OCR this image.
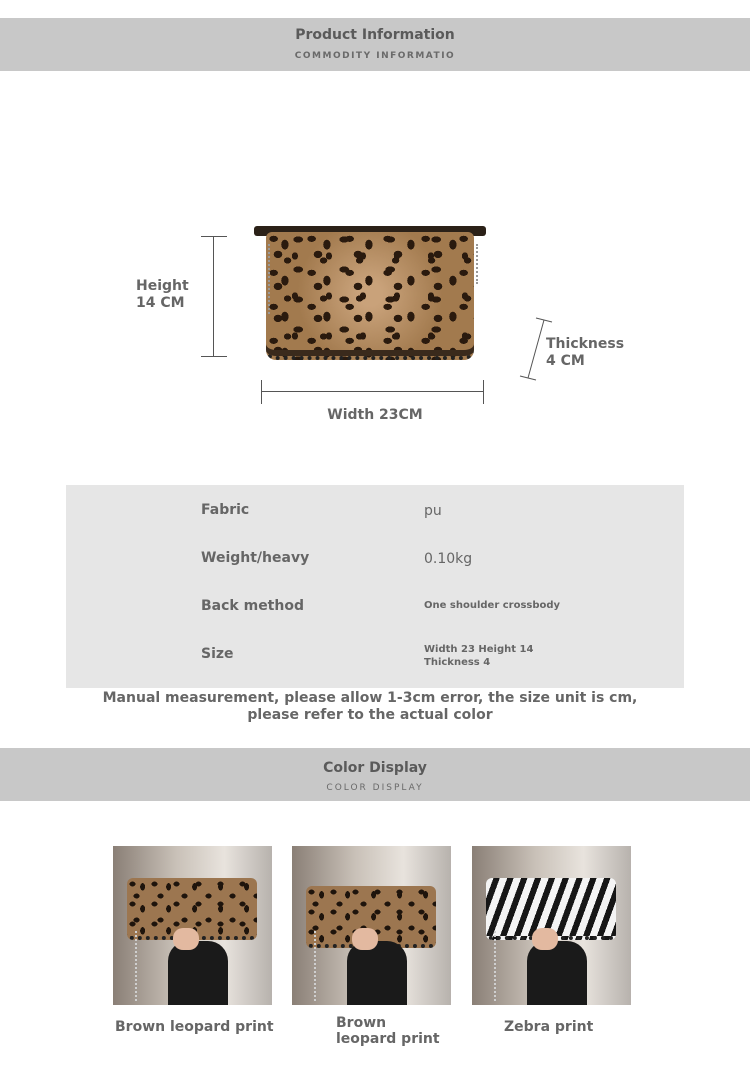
Product Information
COMMODITY INFORMATIO
Height 14 CM
Thickness 4 CM
Width 23CM
Fabric	pu
Weight/heavy	0.10kg
Back method	One shoulder crossbody
Size	Width 23 Height 14 Thickness 4
Manual measurement, please allow 1-3cm error, the size unit is cm, please refer to the actual color
Color Display
COLOR DISPLAY
Brown leopard print	Brown leopard print
Zebra print
